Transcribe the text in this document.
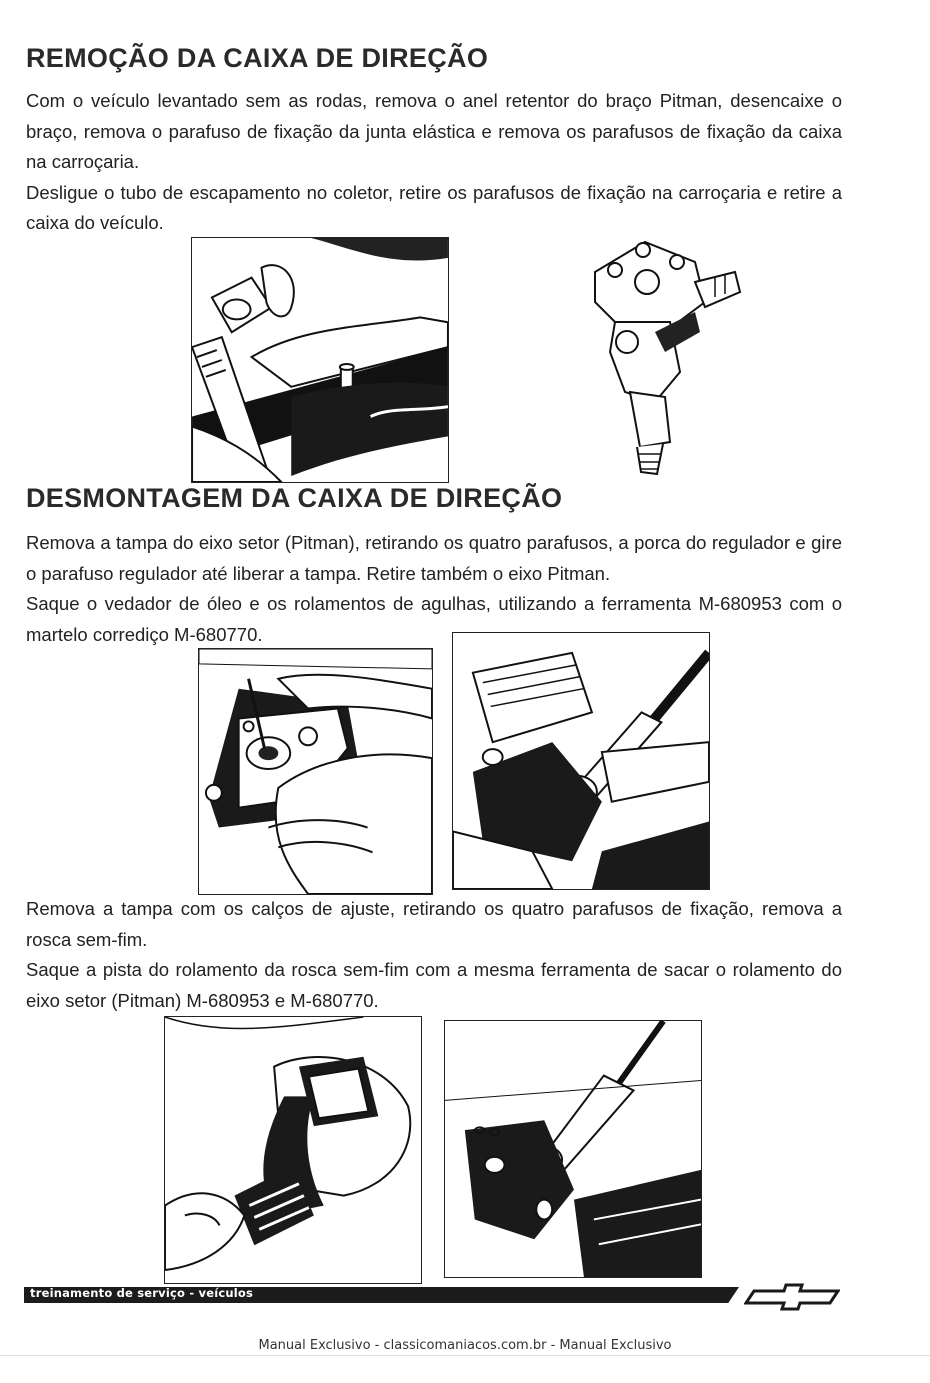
REMOÇÃO DA CAIXA DE DIREÇÃO

Com o veículo levantado sem as rodas, remova o anel retentor do braço Pitman, desencaixe o braço, remova o parafuso de fixação da junta elástica e remova os parafusos de fixação da caixa na carroçaria.

Desligue o tubo de escapamento no coletor, retire os parafusos de fixação na carroçaria e retire a caixa do veículo.

DESMONTAGEM DA CAIXA DE DIREÇÃO

Remova a tampa do eixo setor (Pitman), retirando os quatro parafusos, a porca do regulador e gire o parafuso regulador até liberar a tampa. Retire também o eixo Pitman.

Saque o vedador de óleo e os rolamentos de agulhas, utilizando a ferramenta M-680953 com o martelo corrediço M-680770.

Remova a tampa com os calços de ajuste, retirando os quatro parafusos de fixação, remova a rosca sem-fim.

Saque a pista do rolamento da rosca sem-fim com a mesma ferramenta de sacar o rolamento do eixo setor (Pitman) M-680953 e M-680770.

treinamento de serviço - veículos
Manual Exclusivo - classicomaniacos.com.br - Manual Exclusivo
